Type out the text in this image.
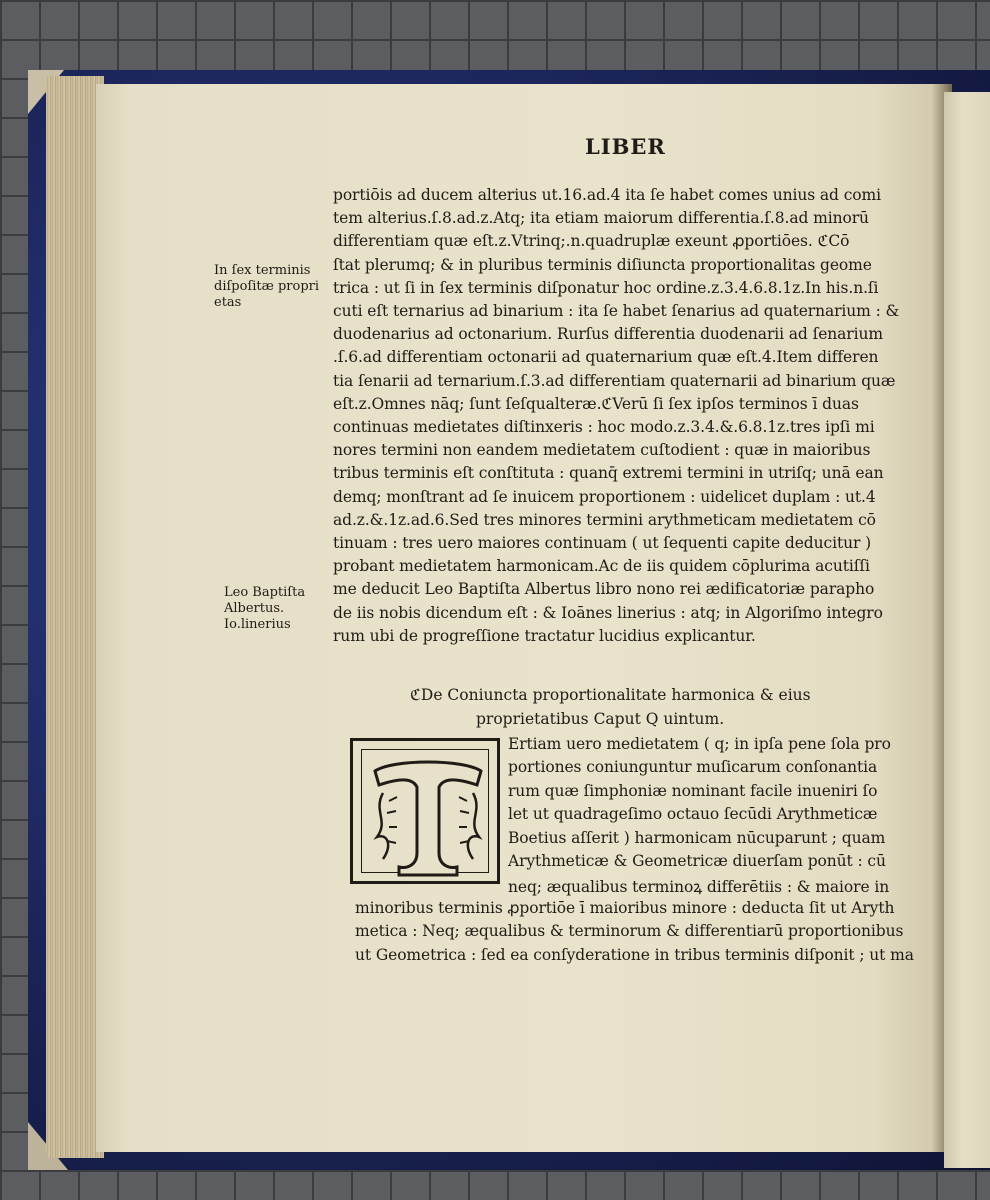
LIBER
portiōis ad ducem alterius ut.16.ad.4 ita ſe habet comes unius ad comi
tem alterius.ſ.8.ad.z.Atq; ita etiam maiorum differentia.ſ.8.ad minorū
differentiam quæ eſt.z.Vtrinq;.n.quadruplæ exeunt ꝓportiōes. ℭCō
ſtat plerumq; & in pluribus terminis diſiuncta proportionalitas geome
trica : ut ſi in ſex terminis diſponatur hoc ordine.z.3.4.6.8.1z.In his.n.ſi
cuti eſt ternarius ad binarium : ita ſe habet ſenarius ad quaternarium : &
duodenarius ad octonarium. Rurſus differentia duodenarii ad ſenarium
.ſ.6.ad differentiam octonarii ad quaternarium quæ eſt.4.Item differen
tia ſenarii ad ternarium.ſ.3.ad differentiam quaternarii ad binarium quæ
eſt.z.Omnes nāq; ſunt ſeſqualteræ.ℭVerū ſi ſex ipſos terminos ī duas
continuas medietates diſtinxeris : hoc modo.z.3.4.&.6.8.1z.tres ipſi mi
nores termini non eandem medietatem cuſtodient : quæ in maioribus
tribus terminis eſt conſtituta : quanq̄ extremi termini in utriſq; unā ean
demq; monſtrant ad ſe inuicem proportionem : uidelicet duplam : ut.4
ad.z.&.1z.ad.6.Sed tres minores termini arythmeticam medietatem cō
tinuam : tres uero maiores continuam ( ut ſequenti capite deducitur )
probant medietatem harmonicam.Ac de iis quidem cōplurima acutiſſi
me deducit Leo Baptiſta Albertus libro nono rei ædificatoriæ parapho
de iis nobis dicendum eſt : & Ioānes linerius : atq; in Algoriſmo integro
rum ubi de progreſſione tractatur lucidius explicantur.
In ſex terminis
diſpoſitæ propri
etas
Leo Baptiſta
Albertus.
Io.linerius
ℭDe Coniuncta proportionalitate harmonica & eius
proprietatibus Caput Q uintum.
Ertiam uero medietatem ( q; in ipſa pene ſola pro
portiones coniunguntur muſicarum conſonantia
rum quæ ſimphoniæ nominant facile inueniri ſo
let ut quadrageſimo octauo ſecūdi Arythmeticæ
Boetius aſſerit ) harmonicam nūcuparunt ; quam
Arythmeticæ & Geometricæ diuerſam ponūt : cū
neq; æqualibus terminoꝝ differētiis : & maiore in
minoribus terminis ꝓportiōe ī maioribus minore : deducta ſit ut Aryth
metica : Neq; æqualibus & terminorum & differentiarū proportionibus
ut Geometrica : ſed ea conſyderatione in tribus terminis diſponit ; ut ma
